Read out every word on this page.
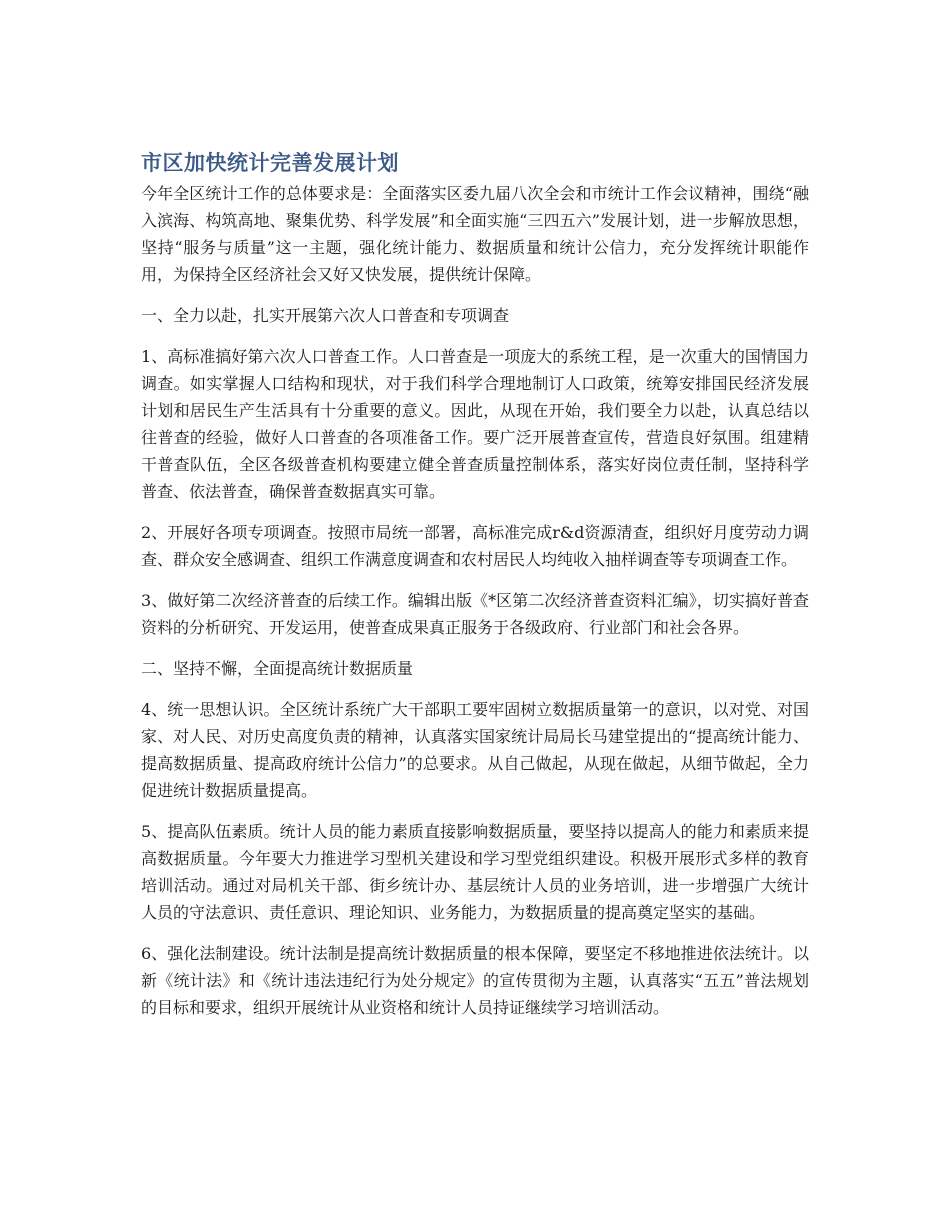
市区加快统计完善发展计划

今年全区统计工作的总体要求是：全面落实区委九届八次全会和市统计工作会议精神，围绕“融入滨海、构筑高地、聚集优势、科学发展”和全面实施“三四五六”发展计划，进一步解放思想，坚持“服务与质量”这一主题，强化统计能力、数据质量和统计公信力，充分发挥统计职能作用，为保持全区经济社会又好又快发展，提供统计保障。

一、全力以赴，扎实开展第六次人口普查和专项调查

1、高标准搞好第六次人口普查工作。人口普查是一项庞大的系统工程，是一次重大的国情国力调查。如实掌握人口结构和现状，对于我们科学合理地制订人口政策，统筹安排国民经济发展计划和居民生产生活具有十分重要的意义。因此，从现在开始，我们要全力以赴，认真总结以往普查的经验，做好人口普查的各项准备工作。要广泛开展普查宣传，营造良好氛围。组建精干普查队伍，全区各级普查机构要建立健全普查质量控制体系，落实好岗位责任制，坚持科学普查、依法普查，确保普查数据真实可靠。

2、开展好各项专项调查。按照市局统一部署，高标准完成r&d资源清查，组织好月度劳动力调查、群众安全感调查、组织工作满意度调查和农村居民人均纯收入抽样调查等专项调查工作。

3、做好第二次经济普查的后续工作。编辑出版《*区第二次经济普查资料汇编》，切实搞好普查资料的分析研究、开发运用，使普查成果真正服务于各级政府、行业部门和社会各界。

二、坚持不懈，全面提高统计数据质量

4、统一思想认识。全区统计系统广大干部职工要牢固树立数据质量第一的意识，以对党、对国家、对人民、对历史高度负责的精神，认真落实国家统计局局长马建堂提出的“提高统计能力、提高数据质量、提高政府统计公信力”的总要求。从自己做起，从现在做起，从细节做起，全力促进统计数据质量提高。

5、提高队伍素质。统计人员的能力素质直接影响数据质量，要坚持以提高人的能力和素质来提高数据质量。今年要大力推进学习型机关建设和学习型党组织建设。积极开展形式多样的教育培训活动。通过对局机关干部、街乡统计办、基层统计人员的业务培训，进一步增强广大统计人员的守法意识、责任意识、理论知识、业务能力，为数据质量的提高奠定坚实的基础。

6、强化法制建设。统计法制是提高统计数据质量的根本保障，要坚定不移地推进依法统计。以新《统计法》和《统计违法违纪行为处分规定》的宣传贯彻为主题，认真落实“五五”普法规划的目标和要求，组织开展统计从业资格和统计人员持证继续学习培训活动。
